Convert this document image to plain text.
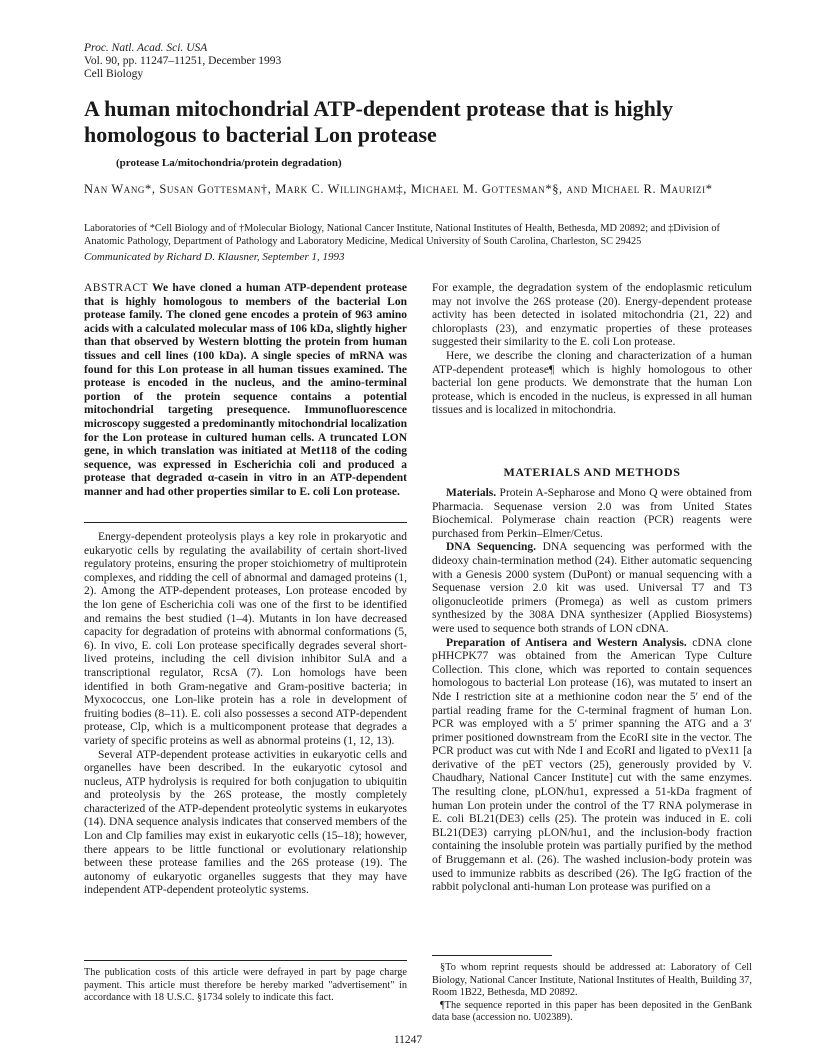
Proc. Natl. Acad. Sci. USA
Vol. 90, pp. 11247–11251, December 1993
Cell Biology
A human mitochondrial ATP-dependent protease that is highly homologous to bacterial Lon protease
(protease La/mitochondria/protein degradation)
Nan Wang*, Susan Gottesman†, Mark C. Willingham‡, Michael M. Gottesman*§, and Michael R. Maurizi*
Laboratories of *Cell Biology and of †Molecular Biology, National Cancer Institute, National Institutes of Health, Bethesda, MD 20892; and ‡Division of Anatomic Pathology, Department of Pathology and Laboratory Medicine, Medical University of South Carolina, Charleston, SC 29425
Communicated by Richard D. Klausner, September 1, 1993
ABSTRACT We have cloned a human ATP-dependent protease that is highly homologous to members of the bacterial Lon protease family. The cloned gene encodes a protein of 963 amino acids with a calculated molecular mass of 106 kDa, slightly higher than that observed by Western blotting the protein from human tissues and cell lines (100 kDa). A single species of mRNA was found for this Lon protease in all human tissues examined. The protease is encoded in the nucleus, and the amino-terminal portion of the protein sequence contains a potential mitochondrial targeting presequence. Immunofluorescence microscopy suggested a predominantly mitochondrial localization for the Lon protease in cultured human cells. A truncated LON gene, in which translation was initiated at Met118 of the coding sequence, was expressed in Escherichia coli and produced a protease that degraded α-casein in vitro in an ATP-dependent manner and had other properties similar to E. coli Lon protease.

Energy-dependent proteolysis plays a key role in prokaryotic and eukaryotic cells by regulating the availability of certain short-lived regulatory proteins, ensuring the proper stoichiometry of multiprotein complexes, and ridding the cell of abnormal and damaged proteins (1, 2). Among the ATP-dependent proteases, Lon protease encoded by the lon gene of Escherichia coli was one of the first to be identified and remains the best studied (1–4). Mutants in lon have decreased capacity for degradation of proteins with abnormal conformations (5, 6). In vivo, E. coli Lon protease specifically degrades several short-lived proteins, including the cell division inhibitor SulA and a transcriptional regulator, RcsA (7). Lon homologs have been identified in both Gram-negative and Gram-positive bacteria; in Myxococcus, one Lon-like protein has a role in development of fruiting bodies (8–11). E. coli also possesses a second ATP-dependent protease, Clp, which is a multicomponent protease that degrades a variety of specific proteins as well as abnormal proteins (1, 12, 13).

Several ATP-dependent protease activities in eukaryotic cells and organelles have been described. In the eukaryotic cytosol and nucleus, ATP hydrolysis is required for both conjugation to ubiquitin and proteolysis by the 26S protease, the mostly completely characterized of the ATP-dependent proteolytic systems in eukaryotes (14). DNA sequence analysis indicates that conserved members of the Lon and Clp families may exist in eukaryotic cells (15–18); however, there appears to be little functional or evolutionary relationship between these protease families and the 26S protease (19). The autonomy of eukaryotic organelles suggests that they may have independent ATP-dependent proteolytic systems.

For example, the degradation system of the endoplasmic reticulum may not involve the 26S protease (20). Energy-dependent protease activity has been detected in isolated mitochondria (21, 22) and chloroplasts (23), and enzymatic properties of these proteases suggested their similarity to the E. coli Lon protease.

Here, we describe the cloning and characterization of a human ATP-dependent protease¶ which is highly homologous to other bacterial lon gene products. We demonstrate that the human Lon protease, which is encoded in the nucleus, is expressed in all human tissues and is localized in mitochondria.

MATERIALS AND METHODS

Materials. Protein A-Sepharose and Mono Q were obtained from Pharmacia. Sequenase version 2.0 was from United States Biochemical. Polymerase chain reaction (PCR) reagents were purchased from Perkin–Elmer/Cetus.

DNA Sequencing. DNA sequencing was performed with the dideoxy chain-termination method (24). Either automatic sequencing with a Genesis 2000 system (DuPont) or manual sequencing with a Sequenase version 2.0 kit was used. Universal T7 and T3 oligonucleotide primers (Promega) as well as custom primers synthesized by the 308A DNA synthesizer (Applied Biosystems) were used to sequence both strands of LON cDNA.

Preparation of Antisera and Western Analysis. cDNA clone pHHCPK77 was obtained from the American Type Culture Collection. This clone, which was reported to contain sequences homologous to bacterial Lon protease (16), was mutated to insert an Nde I restriction site at a methionine codon near the 5′ end of the partial reading frame for the C-terminal fragment of human Lon. PCR was employed with a 5′ primer spanning the ATG and a 3′ primer positioned downstream from the EcoRI site in the vector. The PCR product was cut with Nde I and EcoRI and ligated to pVex11 [a derivative of the pET vectors (25), generously provided by V. Chaudhary, National Cancer Institute] cut with the same enzymes. The resulting clone, pLON/hu1, expressed a 51-kDa fragment of human Lon protein under the control of the T7 RNA polymerase in E. coli BL21(DE3) cells (25). The protein was induced in E. coli BL21(DE3) carrying pLON/hu1, and the inclusion-body fraction containing the insoluble protein was partially purified by the method of Bruggemann et al. (26). The washed inclusion-body protein was used to immunize rabbits as described (26). The IgG fraction of the rabbit polyclonal anti-human Lon protease was purified on a

The publication costs of this article were defrayed in part by page charge payment. This article must therefore be hereby marked "advertisement" in accordance with 18 U.S.C. §1734 solely to indicate this fact.

§To whom reprint requests should be addressed at: Laboratory of Cell Biology, National Cancer Institute, National Institutes of Health, Building 37, Room 1B22, Bethesda, MD 20892.

¶The sequence reported in this paper has been deposited in the GenBank data base (accession no. U02389).

11247
